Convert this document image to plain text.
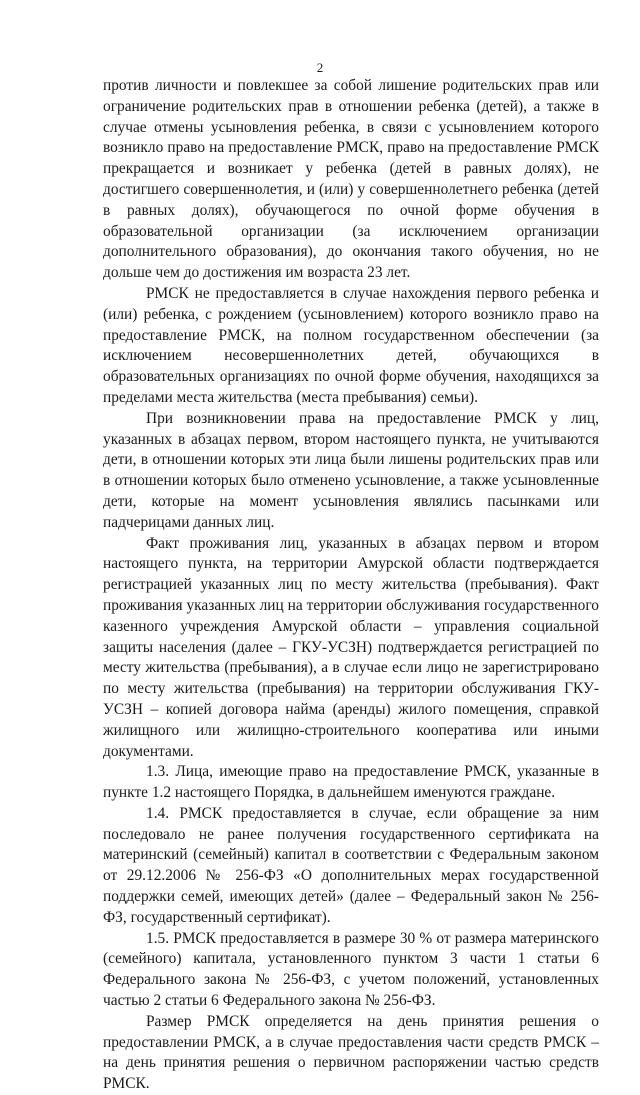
2

против личности и повлекшее за собой лишение родительских прав или ограничение родительских прав в отношении ребенка (детей), а также в случае отмены усыновления ребенка, в связи с усыновлением которого возникло право на предоставление РМСК, право на предоставление РМСК прекращается и возникает у ребенка (детей в равных долях), не достигшего совершеннолетия, и (или) у совершеннолетнего ребенка (детей в равных долях), обучающегося по очной форме обучения в образовательной организации (за исключением организации дополнительного образования), до окончания такого обучения, но не дольше чем до достижения им возраста 23 лет.

РМСК не предоставляется в случае нахождения первого ребенка и (или) ребенка, с рождением (усыновлением) которого возникло право на предоставление РМСК, на полном государственном обеспечении (за исключением несовершеннолетних детей, обучающихся в образовательных организациях по очной форме обучения, находящихся за пределами места жительства (места пребывания) семьи).

При возникновении права на предоставление РМСК у лиц, указанных в абзацах первом, втором настоящего пункта, не учитываются дети, в отношении которых эти лица были лишены родительских прав или в отношении которых было отменено усыновление, а также усыновленные дети, которые на момент усыновления являлись пасынками или падчерицами данных лиц.

Факт проживания лиц, указанных в абзацах первом и втором настоящего пункта, на территории Амурской области подтверждается регистрацией указанных лиц по месту жительства (пребывания). Факт проживания указанных лиц на территории обслуживания государственного казенного учреждения Амурской области – управления социальной защиты населения (далее – ГКУ-УСЗН) подтверждается регистрацией по месту жительства (пребывания), а в случае если лицо не зарегистрировано по месту жительства (пребывания) на территории обслуживания ГКУ-УСЗН – копией договора найма (аренды) жилого помещения, справкой жилищного или жилищно-строительного кооператива или иными документами.

1.3. Лица, имеющие право на предоставление РМСК, указанные в пункте 1.2 настоящего Порядка, в дальнейшем именуются граждане.

1.4. РМСК предоставляется в случае, если обращение за ним последовало не ранее получения государственного сертификата на материнский (семейный) капитал в соответствии с Федеральным законом от 29.12.2006 № 256-ФЗ «О дополнительных мерах государственной поддержки семей, имеющих детей» (далее – Федеральный закон № 256-ФЗ, государственный сертификат).

1.5. РМСК предоставляется в размере 30 % от размера материнского (семейного) капитала, установленного пунктом 3 части 1 статьи 6 Федерального закона № 256-ФЗ, с учетом положений, установленных частью 2 статьи 6 Федерального закона № 256-ФЗ.

Размер РМСК определяется на день принятия решения о предоставлении РМСК, а в случае предоставления части средств РМСК – на день принятия решения о первичном распоряжении частью средств РМСК.
